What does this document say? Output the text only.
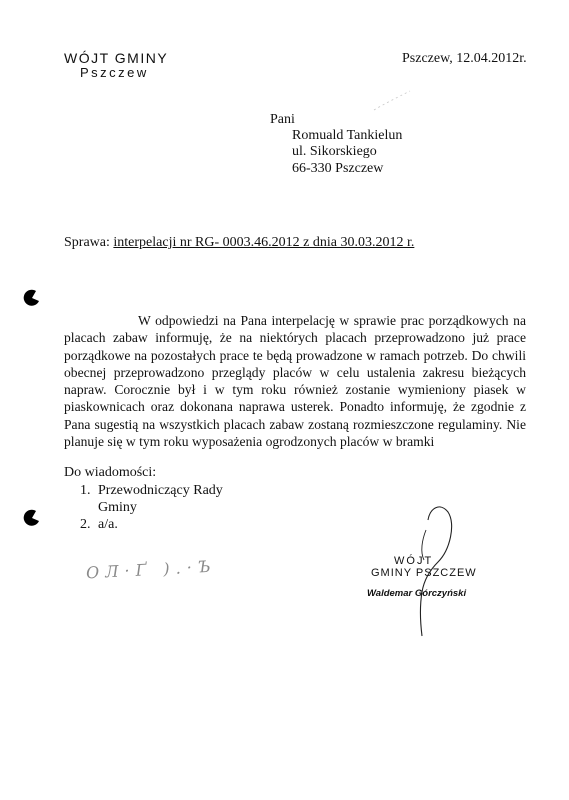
WÓJT GMINY
Pszczew
Pszczew, 12.04.2012r.
Pani
Romuald Tankielun
ul. Sikorskiego
66-330 Pszczew
Sprawa: interpelacji nr RG- 0003.46.2012 z dnia 30.03.2012 r.

W odpowiedzi na Pana interpelację w sprawie prac porządkowych na placach zabaw informuję, że na niektórych placach przeprowadzono już prace porządkowe na pozostałych prace te będą prowadzone w ramach potrzeb. Do chwili obecnej przeprowadzono przeglądy placów w celu ustalenia zakresu bieżących napraw. Corocznie był i w tym roku również zostanie wymieniony piasek w piaskownicach oraz dokonana naprawa usterek. Ponadto informuję, że zgodnie z Pana sugestią na wszystkich placach zabaw zostaną rozmieszczone regulaminy. Nie planuje się w tym roku wyposażenia ogrodzonych placów w bramki

Do wiadomości:
1. Przewodniczący Rady
Gminy
2. a/a.
ΟЛ·Ґ ).·Ъ	WÓJT
GMINY PSZCZEW
Waldemar Górczyński
